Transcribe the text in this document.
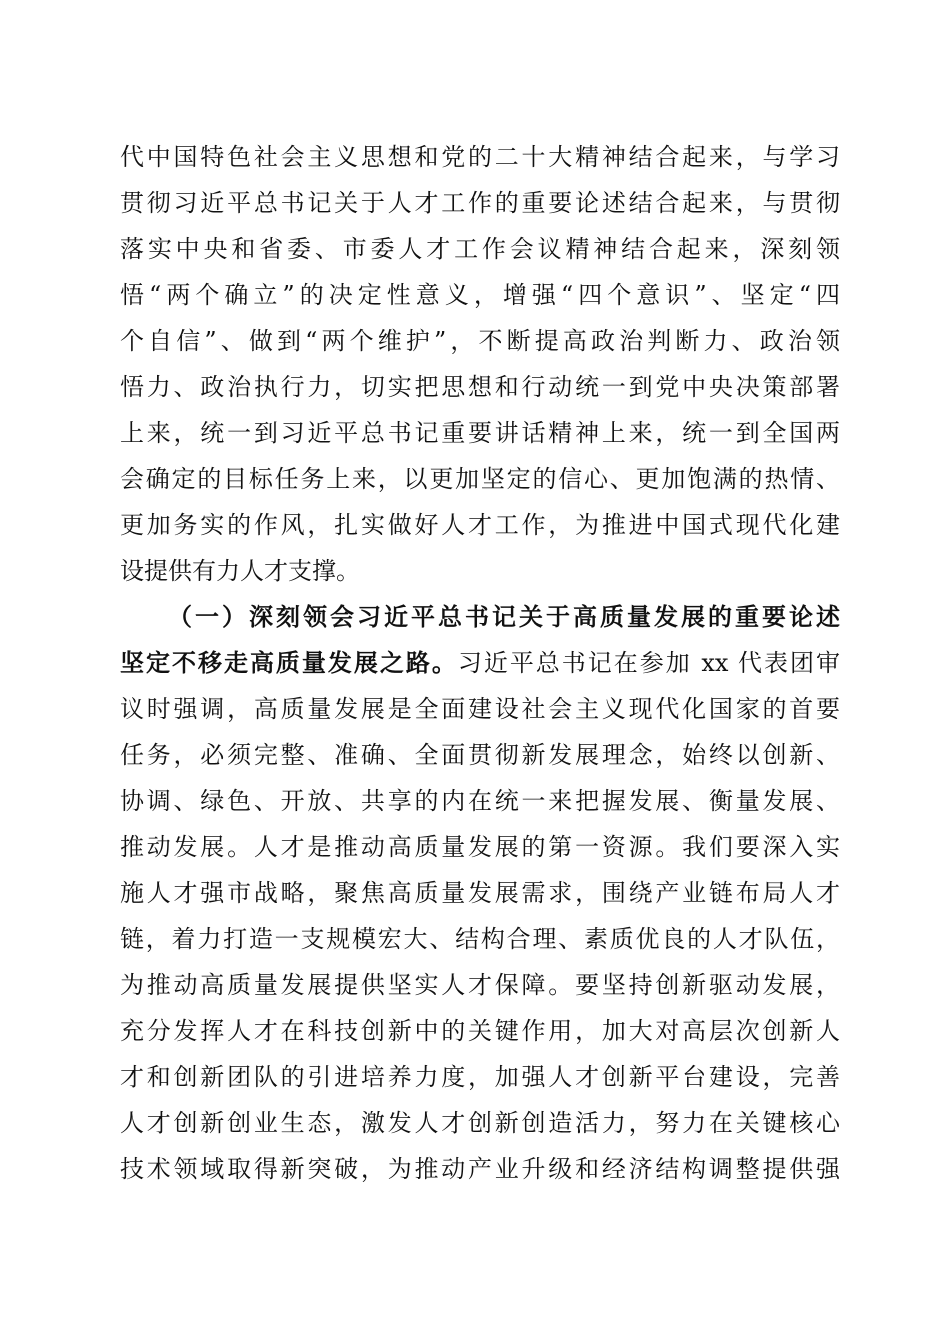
代中国特色社会主义思想和党的二十大精神结合起来，与学习
贯彻习近平总书记关于人才工作的重要论述结合起来，与贯彻
落实中央和省委、市委人才工作会议精神结合起来，深刻领
悟“两个确立”的决定性意义，增强“四个意识”、坚定“四
个自信”、做到“两个维护”，不断提高政治判断力、政治领
悟力、政治执行力，切实把思想和行动统一到党中央决策部署
上来，统一到习近平总书记重要讲话精神上来，统一到全国两
会确定的目标任务上来，以更加坚定的信心、更加饱满的热情、
更加务实的作风，扎实做好人才工作，为推进中国式现代化建
设提供有力人才支撑。
（一）深刻领会习近平总书记关于高质量发展的重要论述
坚定不移走高质量发展之路。习近平总书记在参加 xx 代表团审
议时强调，高质量发展是全面建设社会主义现代化国家的首要
任务，必须完整、准确、全面贯彻新发展理念，始终以创新、
协调、绿色、开放、共享的内在统一来把握发展、衡量发展、
推动发展。人才是推动高质量发展的第一资源。我们要深入实
施人才强市战略，聚焦高质量发展需求，围绕产业链布局人才
链，着力打造一支规模宏大、结构合理、素质优良的人才队伍，
为推动高质量发展提供坚实人才保障。要坚持创新驱动发展，
充分发挥人才在科技创新中的关键作用，加大对高层次创新人
才和创新团队的引进培养力度，加强人才创新平台建设，完善
人才创新创业生态，激发人才创新创造活力，努力在关键核心
技术领域取得新突破，为推动产业升级和经济结构调整提供强
